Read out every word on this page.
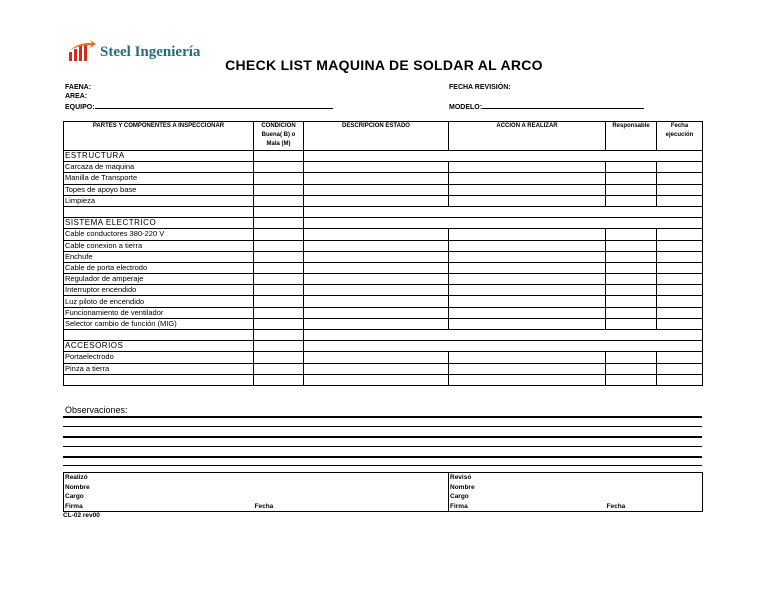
Steel Ingeniería
CHECK LIST MAQUINA DE SOLDAR AL ARCO
FAENA:
AREA:
EQUIPO:
FECHA REVISIÓN:
MODELO:
PARTES Y COMPONENTES A INSPECCIONAR	CONDICION Buena( B) o Mala (M)	DESCRIPCION ESTADO	ACCION A REALIZAR	Responsable	Fecha ejecución
ESTRUCTURA					
Carcaza de maquina					
Manilla de Transporte					
Topes de apoyo base					
Limpieza					

SISTEMA ELECTRICO					
Cable conductores 380-220 V					
Cable conexion a tierra					
Enchufe					
Cable de porta electrodo					
Regulador de amperaje					
Interruptor encendido					
Luz piloto de encendido					
Funcionamiento de ventilador					
Selector cambio de función (MIG)					

ACCESORIOS					
Portaelectrodo					
Pinza a tierra					

Observaciones:
Realizó		Revisó	
Nombre		Nombre	
Cargo		Cargo	
Firma	Fecha	Firma	Fecha
CL-02 rev00
